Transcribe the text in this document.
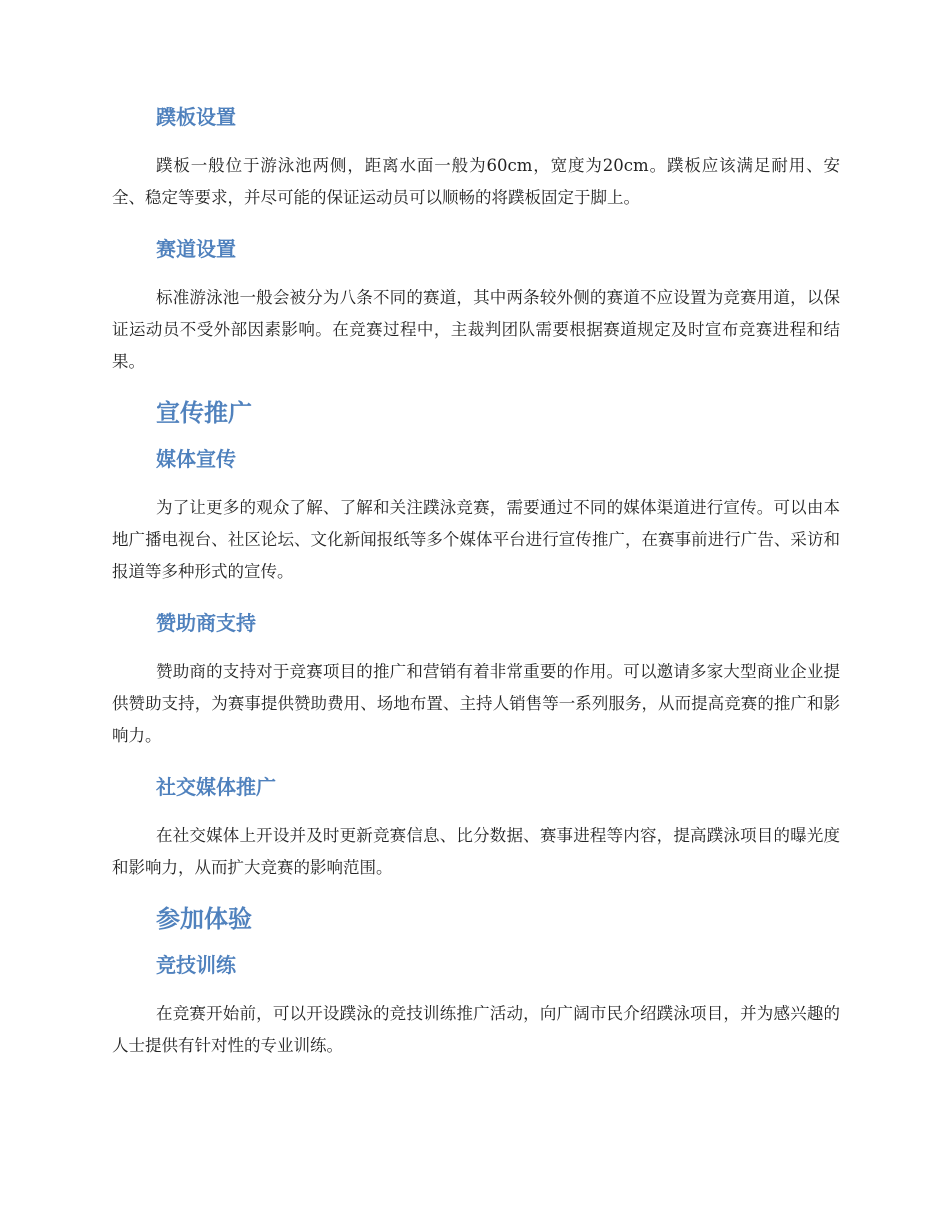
蹼板设置

蹼板一般位于游泳池两侧，距离水面一般为60cm，宽度为20cm。蹼板应该满足耐用、安全、稳定等要求，并尽可能的保证运动员可以顺畅的将蹼板固定于脚上。

赛道设置

标准游泳池一般会被分为八条不同的赛道，其中两条较外侧的赛道不应设置为竞赛用道，以保证运动员不受外部因素影响。在竞赛过程中，主裁判团队需要根据赛道规定及时宣布竞赛进程和结果。

宣传推广
媒体宣传

为了让更多的观众了解、了解和关注蹼泳竞赛，需要通过不同的媒体渠道进行宣传。可以由本地广播电视台、社区论坛、文化新闻报纸等多个媒体平台进行宣传推广，在赛事前进行广告、采访和报道等多种形式的宣传。

赞助商支持

赞助商的支持对于竞赛项目的推广和营销有着非常重要的作用。可以邀请多家大型商业企业提供赞助支持，为赛事提供赞助费用、场地布置、主持人销售等一系列服务，从而提高竞赛的推广和影响力。

社交媒体推广

在社交媒体上开设并及时更新竞赛信息、比分数据、赛事进程等内容，提高蹼泳项目的曝光度和影响力，从而扩大竞赛的影响范围。

参加体验
竞技训练

在竞赛开始前，可以开设蹼泳的竞技训练推广活动，向广阔市民介绍蹼泳项目，并为感兴趣的人士提供有针对性的专业训练。
